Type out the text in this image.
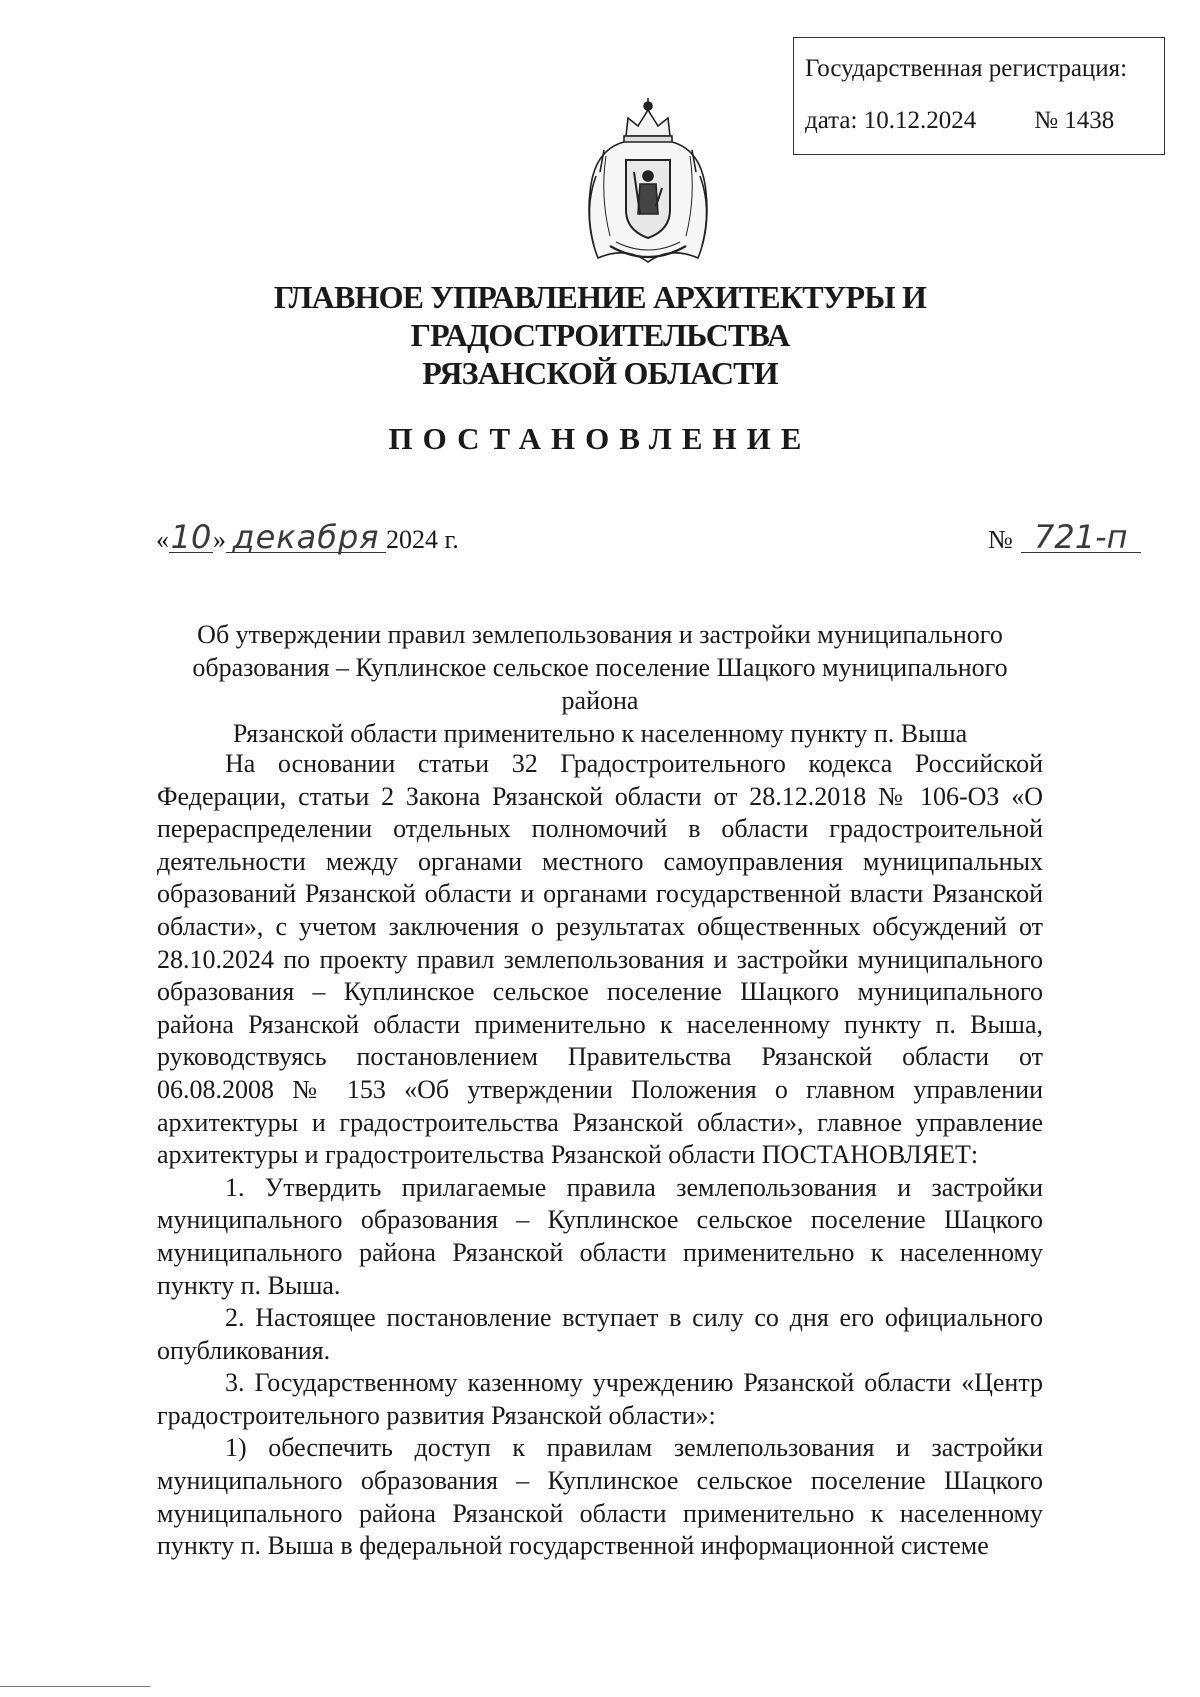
Государственная регистрация:
дата: 10.12.2024 № 1438
ГЛАВНОЕ УПРАВЛЕНИЕ АРХИТЕКТУРЫ И ГРАДОСТРОИТЕЛЬСТВА
РЯЗАНСКОЙ ОБЛАСТИ
ПОСТАНОВЛЕНИЕ
« 10 » декабря 2024 г.	№ 721-п
Об утверждении правил землепользования и застройки муниципального
образования – Куплинское сельское поселение Шацкого муниципального района
Рязанской области применительно к населенному пункту п. Выша

На основании статьи 32 Градостроительного кодекса Российской Федерации, статьи 2 Закона Рязанской области от 28.12.2018 № 106-ОЗ «О перераспределении отдельных полномочий в области градостроительной деятельности между органами местного самоуправления муниципальных образований Рязанской области и органами государственной власти Рязанской области», с учетом заключения о результатах общественных обсуждений от 28.10.2024 по проекту правил землепользования и застройки муниципального образования – Куплинское сельское поселение Шацкого муниципального района Рязанской области применительно к населенному пункту п. Выша, руководствуясь постановлением Правительства Рязанской области от 06.08.2008 № 153 «Об утверждении Положения о главном управлении архитектуры и градостроительства Рязанской области», главное управление архитектуры и градостроительства Рязанской области ПОСТАНОВЛЯЕТ:

1. Утвердить прилагаемые правила землепользования и застройки муниципального образования – Куплинское сельское поселение Шацкого муниципального района Рязанской области применительно к населенному пункту п. Выша.

2. Настоящее постановление вступает в силу со дня его официального опубликования.

3. Государственному казенному учреждению Рязанской области «Центр градостроительного развития Рязанской области»:

1) обеспечить доступ к правилам землепользования и застройки муниципального образования – Куплинское сельское поселение Шацкого муниципального района Рязанской области применительно к населенному пункту п. Выша в федеральной государственной информационной системе
